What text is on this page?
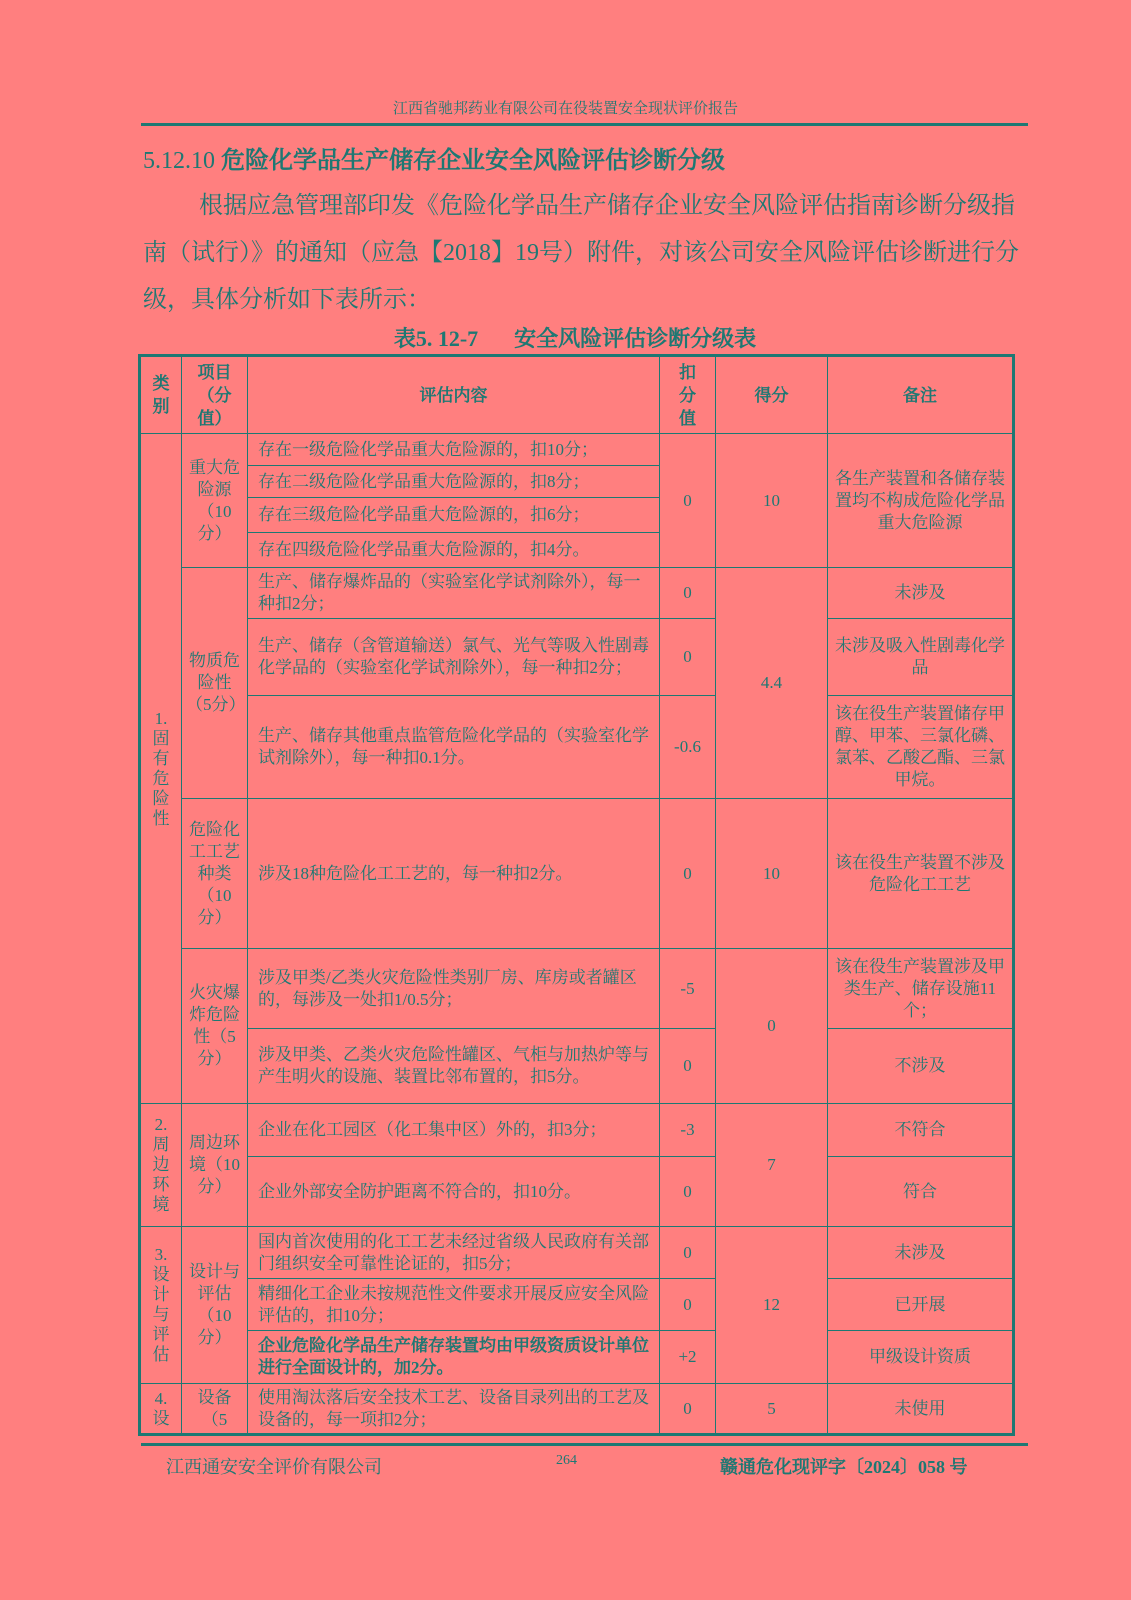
江西省驰邦药业有限公司在役装置安全现状评价报告
5.12.10 危险化学品生产储存企业安全风险评估诊断分级
根据应急管理部印发《危险化学品生产储存企业安全风险评估指南诊断分级指南（试行）》的通知（应急【2018】19号）附件，对该公司安全风险评估诊断进行分级，具体分析如下表所示：
表5. 12-7 安全风险评估诊断分级表
类别	项目（分值）	评估内容	扣分值	得分	备注
1.固有危险性	重大危险源（10分）	存在一级危险化学品重大危险源的，扣10分；	0	10	各生产装置和各储存装置均不构成危险化学品重大危险源
		存在二级危险化学品重大危险源的，扣8分；			
		存在三级危险化学品重大危险源的，扣6分；			
		存在四级危险化学品重大危险源的，扣4分。			
	物质危险性（5分）	生产、储存爆炸品的（实验室化学试剂除外），每一种扣2分；	0	4.4	未涉及
		生产、储存（含管道输送）氯气、光气等吸入性剧毒化学品的（实验室化学试剂除外），每一种扣2分；	0		未涉及吸入性剧毒化学品
		生产、储存其他重点监管危险化学品的（实验室化学试剂除外），每一种扣0.1分。	-0.6		该在役生产装置储存甲醇、甲苯、三氯化磷、氯苯、乙酸乙酯、三氯甲烷。
	危险化工工艺种类（10分）	涉及18种危险化工工艺的，每一种扣2分。	0	10	该在役生产装置不涉及危险化工工艺
	火灾爆炸危险性（5分）	涉及甲类/乙类火灾危险性类别厂房、库房或者罐区的，每涉及一处扣1/0.5分；	-5	0	该在役生产装置涉及甲类生产、储存设施11个；
		涉及甲类、乙类火灾危险性罐区、气柜与加热炉等与产生明火的设施、装置比邻布置的，扣5分。	0		不涉及
2.周边环境	周边环境（10分）	企业在化工园区（化工集中区）外的，扣3分；	-3	7	不符合
		企业外部安全防护距离不符合的，扣10分。	0		符合
3.设计与评估	设计与评估（10分）	国内首次使用的化工工艺未经过省级人民政府有关部门组织安全可靠性论证的，扣5分；	0	12	未涉及
		精细化工企业未按规范性文件要求开展反应安全风险评估的，扣10分；	0		已开展
		企业危险化学品生产储存装置均由甲级资质设计单位进行全面设计的，加2分。	+2		甲级设计资质
4.设	设备（5	使用淘汰落后安全技术工艺、设备目录列出的工艺及设备的，每一项扣2分；	0	5	未使用
江西通安安全评价有限公司	264	赣通危化现评字〔2024〕058 号
